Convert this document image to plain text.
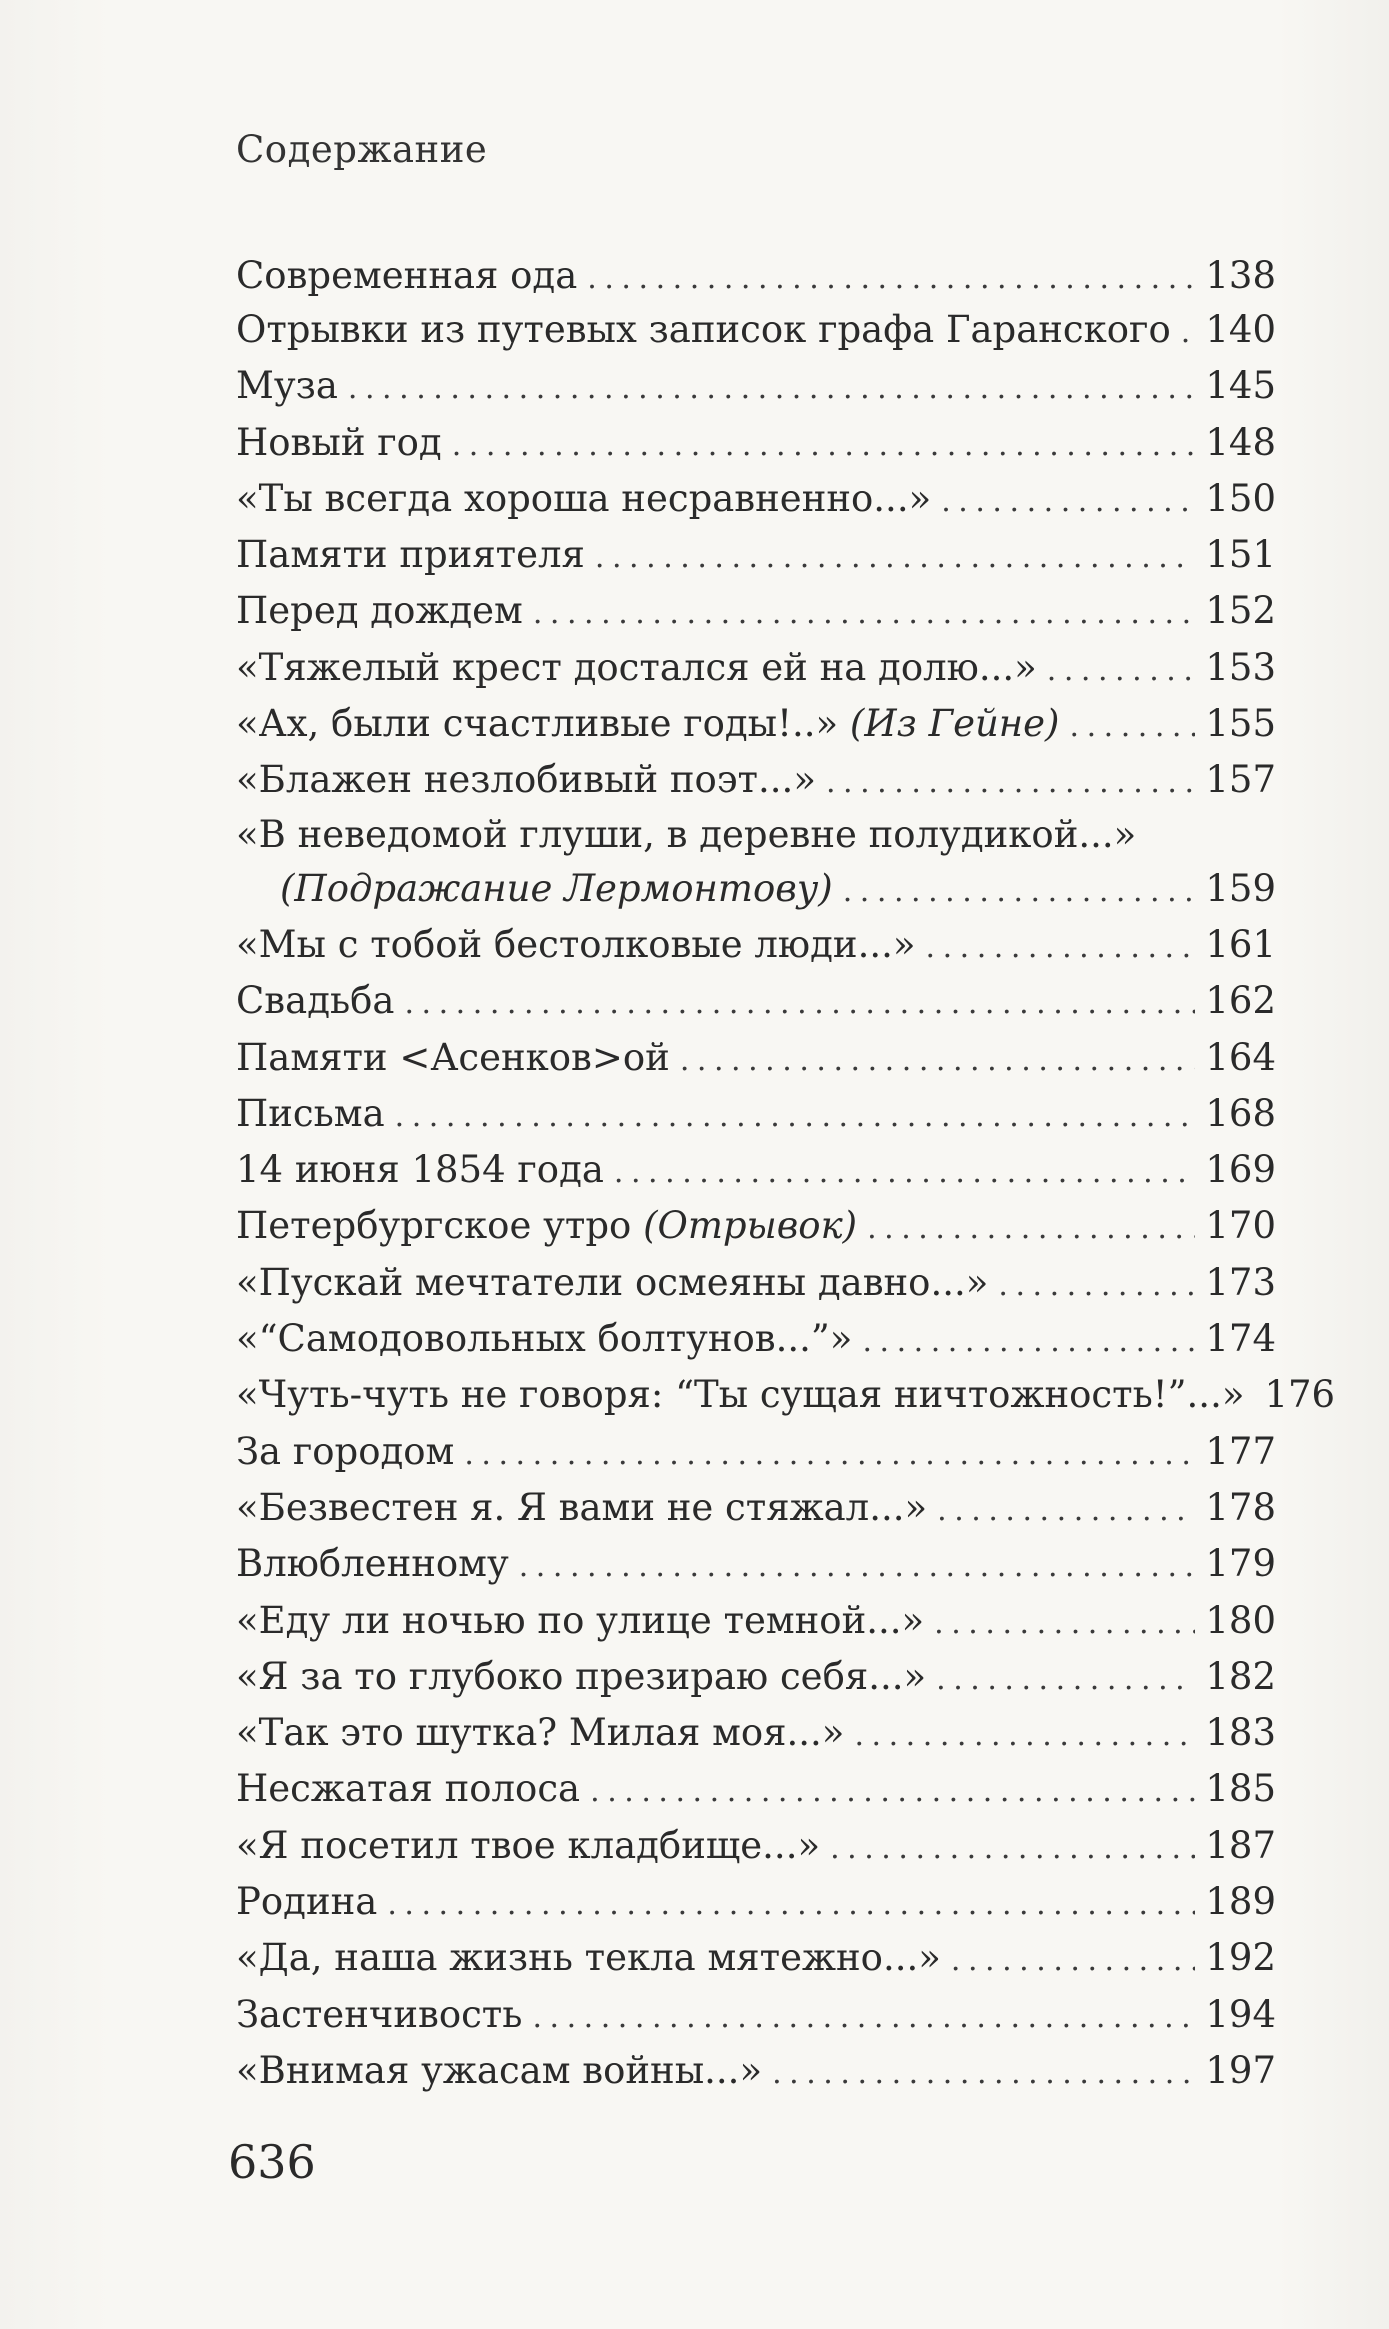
Содержание
Современная ода . . .	138
Отрывки из путевых записок графа Гаранского . . . 140
Муза . . .	145
Новый год . . .	148
«Ты всегда хороша несравненно...» . . .	150
Памяти приятеля . . .	151
Перед дождем . . .	152
«Тяжелый крест достался ей на долю...» . . .	153
«Ах, были счастливые годы!..» (Из Гейне) . . .	155
«Блажен незлобивый поэт...» . . .	157
«В неведомой глуши, в деревне полудикой...»
(Подражание Лермонтову) . . .	159
«Мы с тобой бестолковые люди...» . . .	161
Свадьба . . .	162
Памяти <Асенков>ой . . .	164
Письма . . .	168
14 июня 1854 года . . .	169
Петербургское утро (Отрывок) . . .	170
«Пускай мечтатели осмеяны давно...» . . .	173
«“Самодовольных болтунов...”» . . .	174
«Чуть-чуть не говоря: “Ты сущая ничтожность!”...» 176
За городом . . .	177
«Безвестен я. Я вами не стяжал...» . . .	178
Влюбленному . . .	179
«Еду ли ночью по улице темной...» . . .	180
«Я за то глубоко презираю себя...» . . .	182
«Так это шутка? Милая моя...» . . .	183
Несжатая полоса . . .	185
«Я посетил твое кладбище...» . . .	187
Родина . . .	189
«Да, наша жизнь текла мятежно...» . . .	192
Застенчивость . . .	194
«Внимая ужасам войны...» . . .	197
636
